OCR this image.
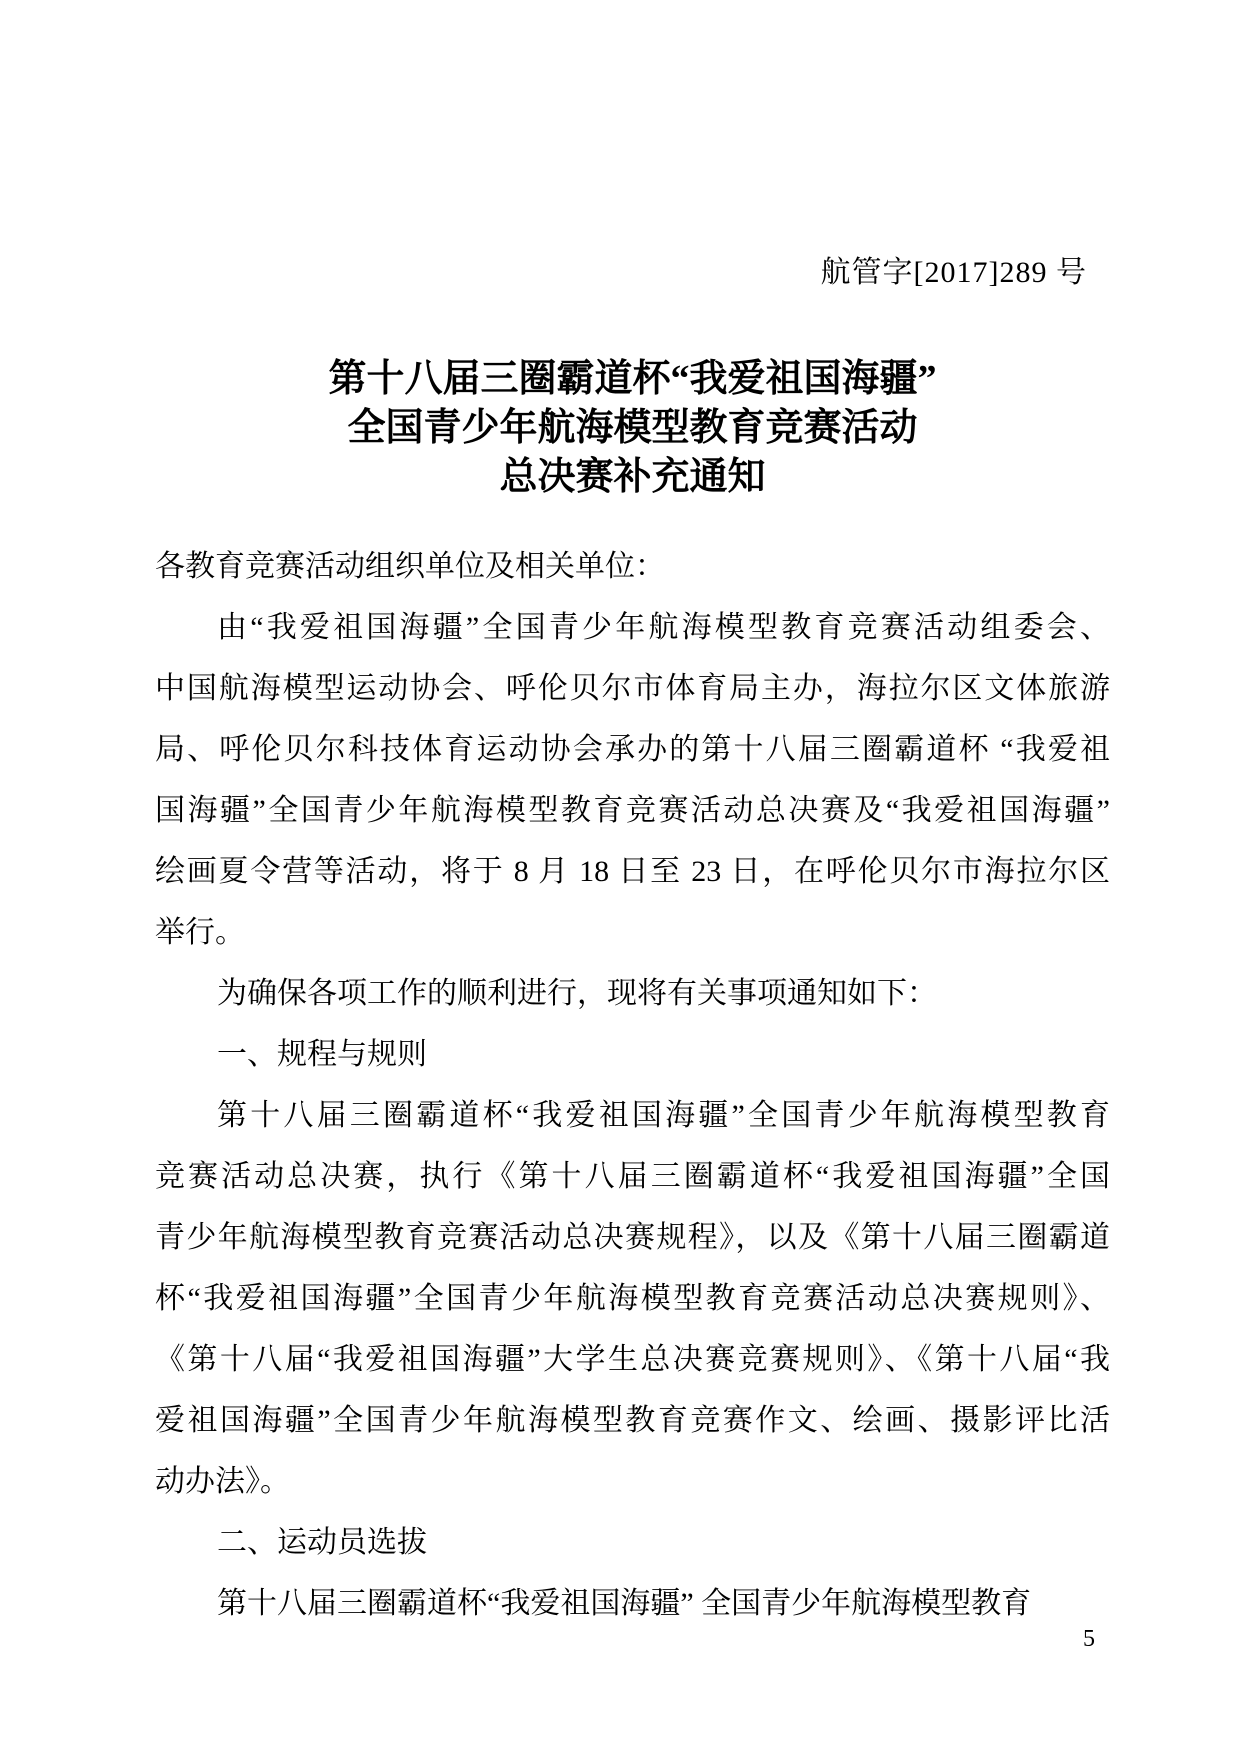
航管字[2017]289 号
第十八届三圈霸道杯“我爱祖国海疆”
全国青少年航海模型教育竞赛活动
总决赛补充通知
各教育竞赛活动组织单位及相关单位：
由“我爱祖国海疆”全国青少年航海模型教育竞赛活动组委会、
中国航海模型运动协会、呼伦贝尔市体育局主办，海拉尔区文体旅游
局、呼伦贝尔科技体育运动协会承办的第十八届三圈霸道杯 “我爱祖
国海疆”全国青少年航海模型教育竞赛活动总决赛及“我爱祖国海疆”
绘画夏令营等活动，将于 8 月 18 日至 23 日，在呼伦贝尔市海拉尔区
举行。
为确保各项工作的顺利进行，现将有关事项通知如下：
一、规程与规则
第十八届三圈霸道杯“我爱祖国海疆”全国青少年航海模型教育
竞赛活动总决赛，执行《第十八届三圈霸道杯“我爱祖国海疆”全国
青少年航海模型教育竞赛活动总决赛规程》，以及《第十八届三圈霸道
杯“我爱祖国海疆”全国青少年航海模型教育竞赛活动总决赛规则》、
《第十八届“我爱祖国海疆”大学生总决赛竞赛规则》、《第十八届“我
爱祖国海疆”全国青少年航海模型教育竞赛作文、绘画、摄影评比活
动办法》。
二、运动员选拔
第十八届三圈霸道杯“我爱祖国海疆” 全国青少年航海模型教育
5
